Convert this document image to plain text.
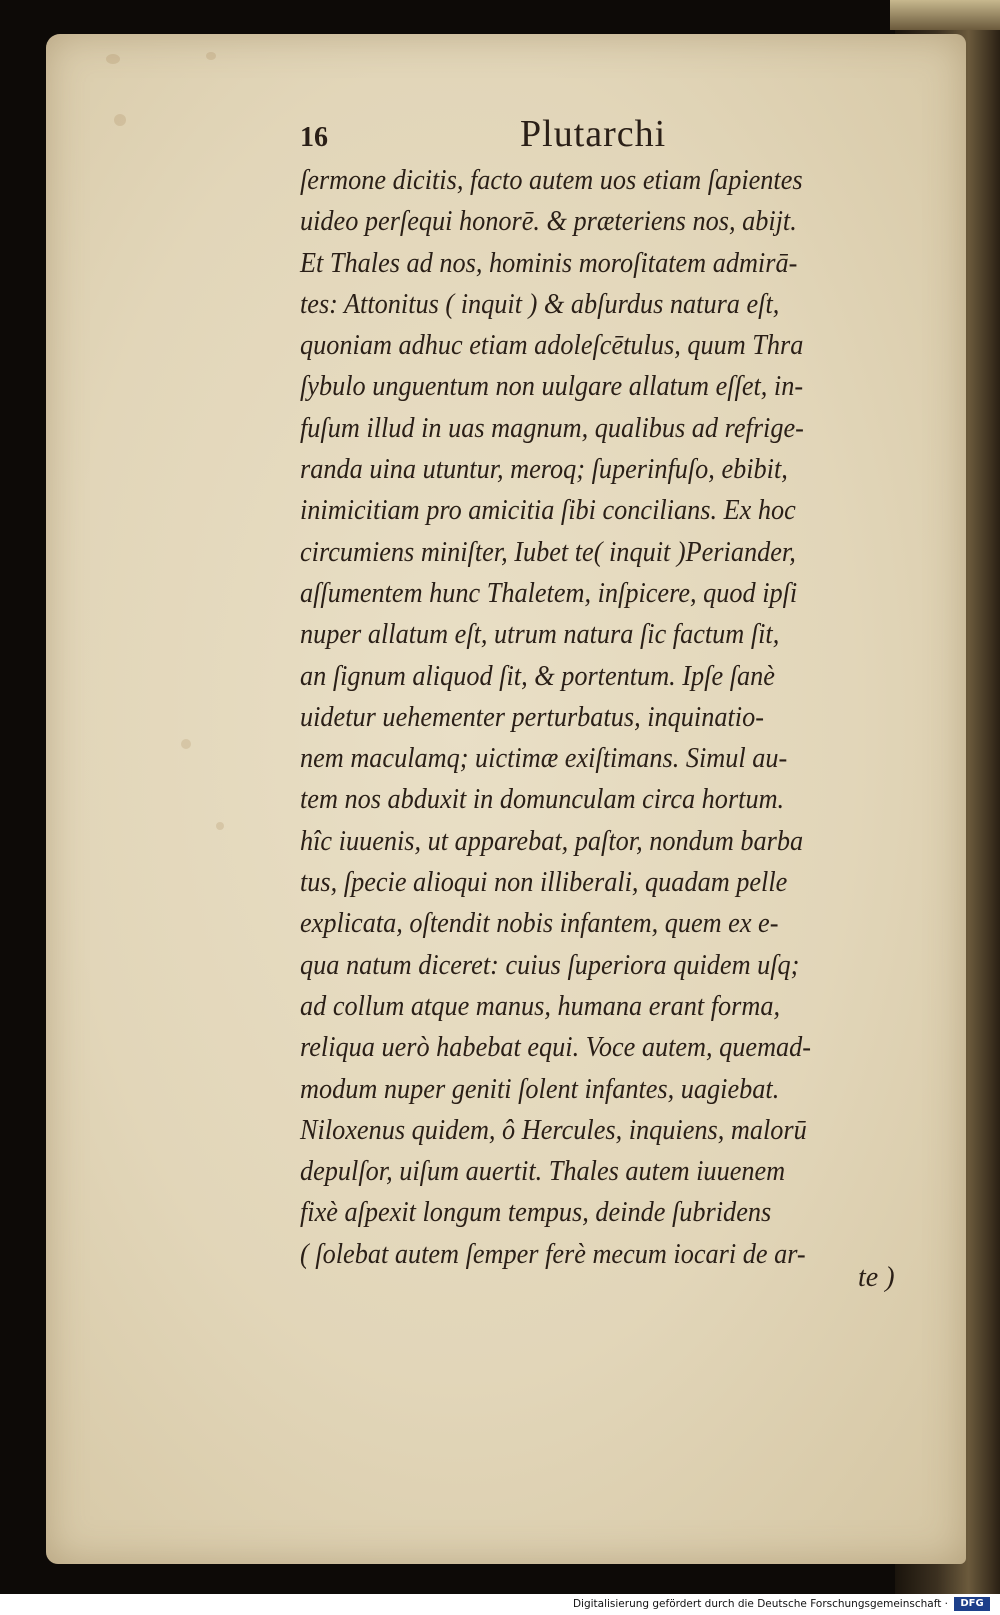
16	Plutarchi
ſermone dicitis, facto autem uos etiam ſapientes
uideo perſequi honorē. & præteriens nos, abijt.
Et Thales ad nos, hominis moroſitatem admirā-
tes: Attonitus ( inquit ) & abſurdus natura eſt,
quoniam adhuc etiam adoleſcētulus, quum Thra
ſybulo unguentum non uulgare allatum eſſet, in-
fuſum illud in uas magnum, qualibus ad refrige-
randa uina utuntur, meroq; ſuperinfuſo, ebibit,
inimicitiam pro amicitia ſibi concilians. Ex hoc
circumiens miniſter, Iubet te( inquit )Periander,
aſſumentem hunc Thaletem, inſpicere, quod ipſi
nuper allatum eſt, utrum natura ſic factum ſit,
an ſignum aliquod ſit, & portentum. Ipſe ſanè
uidetur uehementer perturbatus, inquinatio-
nem maculamq; uictimæ exiſtimans. Simul au-
tem nos abduxit in domunculam circa hortum.
hîc iuuenis, ut apparebat, paſtor, nondum barba
tus, ſpecie alioqui non illiberali, quadam pelle
explicata, oſtendit nobis infantem, quem ex e-
qua natum diceret: cuius ſuperiora quidem uſq;
ad collum atque manus, humana erant forma,
reliqua uerò habebat equi. Voce autem, quemad-
modum nuper geniti ſolent infantes, uagiebat.
Niloxenus quidem, ô Hercules, inquiens, malorū
depulſor, uiſum auertit. Thales autem iuuenem
fixè aſpexit longum tempus, deinde ſubridens
( ſolebat autem ſemper ferè mecum iocari de ar-
te )
Digitalisierung gefördert durch die Deutsche Forschungsgemeinschaft ·	DFG
